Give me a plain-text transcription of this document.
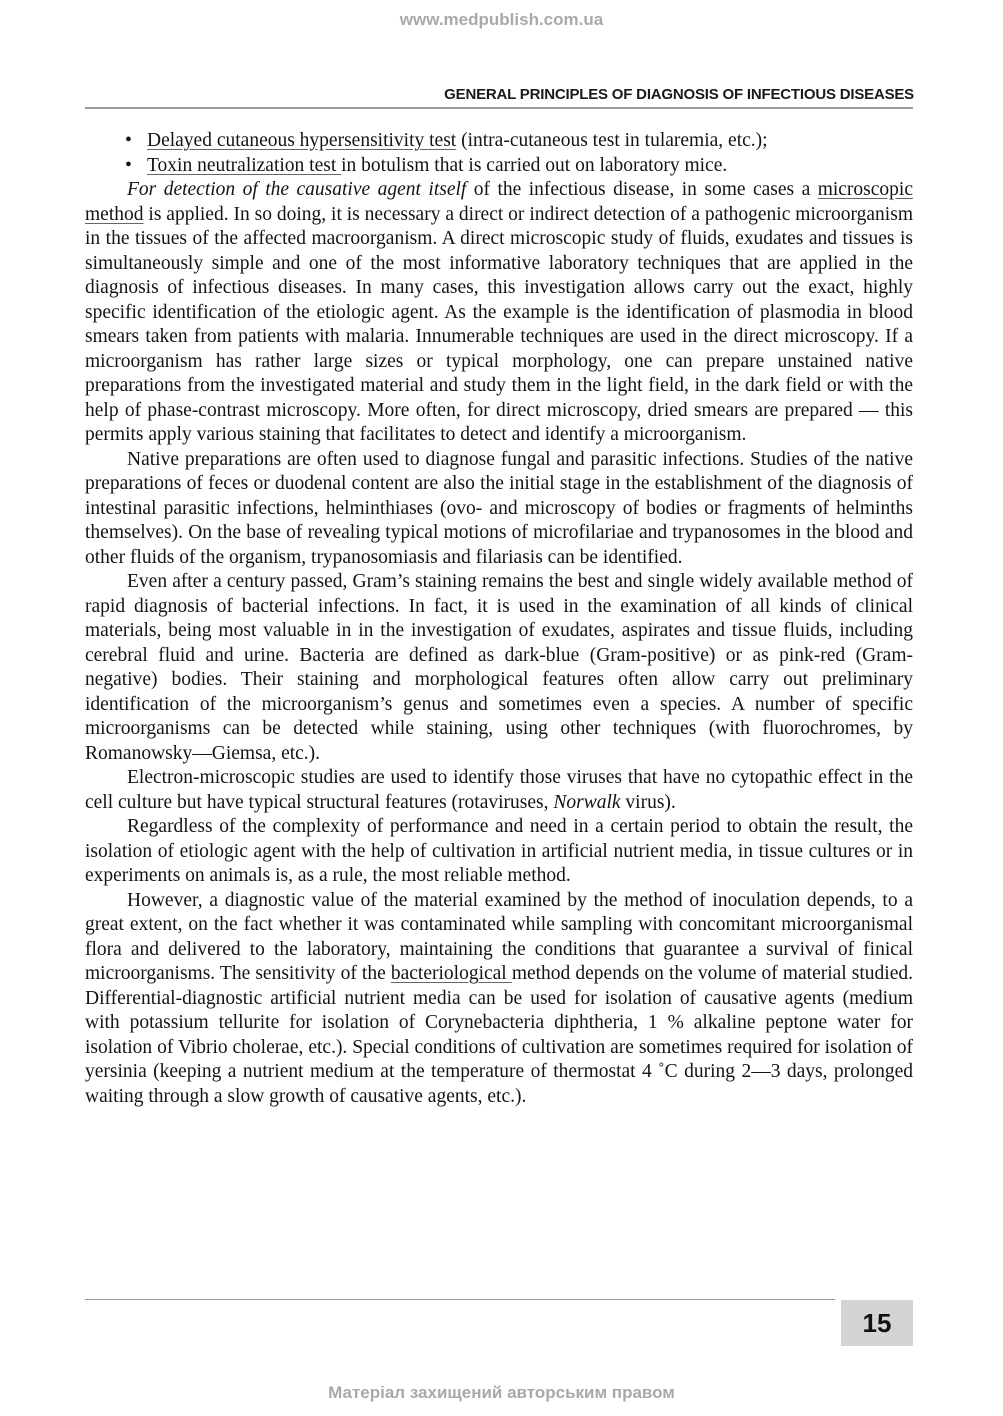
www.medpublish.com.ua
GENERAL PRINCIPLES OF DIAGNOSIS OF INFECTIOUS DISEASES

• Delayed cutaneous hypersensitivity test (intra-cutaneous test in tularemia, etc.);

• Toxin neutralization test in botulism that is carried out on laboratory mice.

For detection of the causative agent itself of the infectious disease, in some cases a microscopic method is applied. In so doing, it is necessary a direct or indirect detection of a pathogenic microorganism in the tissues of the affected macroorganism. A direct microscopic study of fluids, exudates and tissues is simultaneously simple and one of the most informative laboratory techniques that are applied in the diagnosis of infectious diseases. In many cases, this investigation allows carry out the exact, highly specific identification of the etiologic agent. As the example is the identification of plasmodia in blood smears taken from patients with malaria. Innumerable techniques are used in the direct microscopy. If a microorganism has rather large sizes or typical morphology, one can prepare unstained native preparations from the investigated material and study them in the light field, in the dark field or with the help of phase-contrast microscopy. More often, for direct microscopy, dried smears are prepared — this permits apply various staining that facilitates to detect and identify a microorganism.

Native preparations are often used to diagnose fungal and parasitic infections. Studies of the native preparations of feces or duodenal content are also the initial stage in the establishment of the diagnosis of intestinal parasitic infections, helminthiases (ovo- and microscopy of bodies or fragments of helminths themselves). On the base of revealing typical motions of microfilariae and trypanosomes in the blood and other fluids of the organism, trypanosomiasis and filariasis can be identified.

Even after a century passed, Gram’s staining remains the best and single widely available method of rapid diagnosis of bacterial infections. In fact, it is used in the examination of all kinds of clinical materials, being most valuable in in the investigation of exudates, aspirates and tissue fluids, including cerebral fluid and urine. Bacteria are defined as dark-blue (Gram-positive) or as pink-red (Gram-negative) bodies. Their staining and morphological features often allow carry out preliminary identification of the microorganism’s genus and sometimes even a species. A number of specific microorganisms can be detected while staining, using other techniques (with fluorochromes, by Romanowsky—Giemsa, etc.).

Electron-microscopic studies are used to identify those viruses that have no cytopathic effect in the cell culture but have typical structural features (rotaviruses, Norwalk virus).

Regardless of the complexity of performance and need in a certain period to obtain the result, the isolation of etiologic agent with the help of cultivation in artificial nutrient media, in tissue cultures or in experiments on animals is, as a rule, the most reliable method.

However, a diagnostic value of the material examined by the method of inoculation depends, to a great extent, on the fact whether it was contaminated while sampling with concomitant microorganismal flora and delivered to the laboratory, maintaining the conditions that guarantee a survival of finical microorganisms. The sensitivity of the bacteriological method depends on the volume of material studied. Differential-diagnostic artificial nutrient media can be used for isolation of causative agents (medium with potassium tellurite for isolation of Corynebacteria diphtheria, 1 % alkaline peptone water for isolation of Vibrio cholerae, etc.). Special conditions of cultivation are sometimes required for isolation of yersinia (keeping a nutrient medium at the temperature of thermostat 4 ˚C during 2—3 days, prolonged waiting through a slow growth of causative agents, etc.).

15
Матеріал захищений авторським правом
